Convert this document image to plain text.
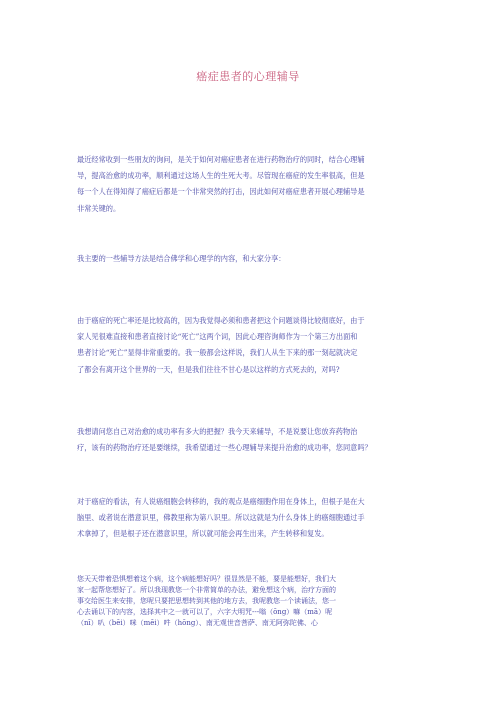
癌症患者的心理辅导
最近经常收到一些朋友的询问，是关于如何对癌症患者在进行药物治疗的同时，结合心理辅
导，提高治愈的成功率，顺利通过这场人生的生死大考。尽管现在癌症的发生率很高，但是
每一个人在得知得了癌症后都是一个非常突然的打击，因此如何对癌症患者开展心理辅导是
非常关键的。
我主要的一些辅导方法是结合佛学和心理学的内容，和大家分享：
由于癌症的死亡率还是比较高的，因为我觉得必须和患者把这个问题谈得比较彻底好，由于
家人见很难直接和患者直接讨论“死亡”这两个词，因此心理咨询师作为一个第三方出面和
患者讨论“死亡”显得非常重要的。我一般都会这样说，我们人从生下来的那一刻起就决定
了都会有离开这个世界的一天，但是我们往往不甘心是以这样的方式死去的，对吗?
我想请问您自己对治愈的成功率有多大的把握？我今天来辅导，不是说要让您放弃药物治
疗，该有的药物治疗还是要继续，我希望通过一些心理辅导来提升治愈的成功率，您同意吗？
对于癌症的看法，有人说癌细胞会转移的，我的观点是癌细胞作用在身体上，但根子是在大
脑里、或者说在潜意识里，佛教里称为第八识里。所以这就是为什么身体上的癌细胞通过手
术拿掉了，但是根子还在潜意识里，所以就可能会再生出来，产生转移和复发。
您天天带着恐惧想着这个病，这个病能想好吗？很显然是不能，要是能想好，我们大
家一起帮您想好了。所以我现教您一个非常简单的办法，避免想这个病，治疗方面的
事交给医生来安排，您呢只要把思想转到其他的地方去，我呢教您一个读诵法，您一
心去诵以下的内容，选择其中之一就可以了，六字大明咒---嗡（ōng）嘛（mā）呢
（nī）叭（bēi）咪（mēi）吽（hōng）、南无观世音菩萨、南无阿弥陀佛、心
